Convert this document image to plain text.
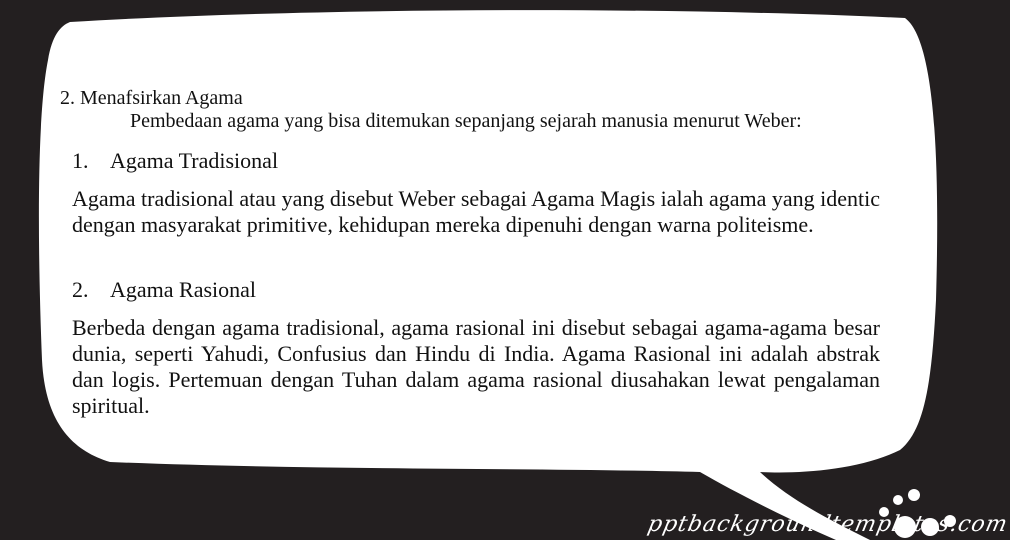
2. Menafsirkan Agama
Pembedaan agama yang bisa ditemukan sepanjang sejarah manusia menurut Weber:
1. Agama Tradisional
Agama tradisional atau yang disebut Weber sebagai Agama Magis ialah agama yang identic dengan masyarakat primitive, kehidupan mereka dipenuhi dengan warna politeisme.
2. Agama Rasional
Berbeda dengan agama tradisional, agama rasional ini disebut sebagai agama-agama besar dunia, seperti Yahudi, Confusius dan Hindu di India. Agama Rasional ini adalah abstrak dan logis. Pertemuan dengan Tuhan dalam agama rasional diusahakan lewat pengalaman spiritual.
pptbackgroundtemplates.com
